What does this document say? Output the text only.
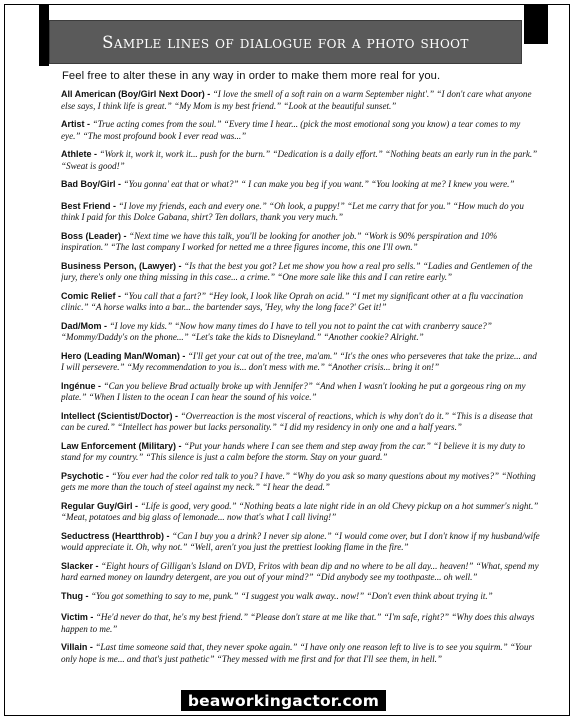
Sample lines of dialogue for a photo shoot
Feel free to alter these in any way in order to make them more real for you.
All American (Boy/Girl Next Door) - “I love the smell of a soft rain on a warm September night'.” “I don't care what anyone else says, I think life is great.” “My Mom is my best friend.” “Look at the beautiful sunset.”
Artist - “True acting comes from the soul.” “Every time I hear... (pick the most emotional song you know) a tear comes to my eye.” “The most profound book I ever read was...”
Athlete - “Work it, work it, work it... push for the burn.” “Dedication is a daily effort.” “Nothing beats an early run in the park.” “Sweat is good!”
Bad Boy/Girl - “You gonna' eat that or what?” “ I can make you beg if you want.” “You looking at me? I knew you were.”
Best Friend - “I love my friends, each and every one.” “Oh look, a puppy!” “Let me carry that for you.” “How much do you think I paid for this Dolce Gabana, shirt? Ten dollars, thank you very much.”
Boss (Leader) - “Next time we have this talk, you'll be looking for another job.” “Work is 90% perspiration and 10% inspiration.” “The last company I worked for netted me a three figures income, this one I'll own.”
Business Person, (Lawyer) - “Is that the best you got? Let me show you how a real pro sells.” “Ladies and Gentlemen of the jury, there's only one thing missing in this case... a crime.” “One more sale like this and I can retire early.”
Comic Relief - “You call that a fart?” “Hey look, I look like Oprah on acid.” “I met my significant other at a flu vaccination clinic.” “A horse walks into a bar... the bartender says, 'Hey, why the long face?' Get it!”
Dad/Mom - “I love my kids.” “Now how many times do I have to tell you not to paint the cat with cranberry sauce?” “Mommy/Daddy's on the phone...” “Let's take the kids to Disneyland.” “Another cookie? Alright.”
Hero (Leading Man/Woman) - “I'll get your cat out of the tree, ma'am.” “It's the ones who perseveres that take the prize... and I will persevere.” “My recommendation to you is... don't mess with me.” “Another crisis... bring it on!”
Ingénue - “Can you believe Brad actually broke up with Jennifer?” “And when I wasn't looking he put a gorgeous ring on my plate.” “When I listen to the ocean I can hear the sound of his voice.”
Intellect (Scientist/Doctor) - “Overreaction is the most visceral of reactions, which is why don't do it.” “This is a disease that can be cured.” “Intellect has power but lacks personality.” “I did my residency in only one and a half years.”
Law Enforcement (Military) - “Put your hands where I can see them and step away from the car.” “I believe it is my duty to stand for my country.” “This silence is just a calm before the storm. Stay on your guard.”
Psychotic - “You ever had the color red talk to you? I have.” “Why do you ask so many questions about my motives?” “Nothing gets me more than the touch of steel against my neck.” “I hear the dead.”
Regular Guy/Girl - “Life is good, very good.” “Nothing beats a late night ride in an old Chevy pickup on a hot summer's night.” “Meat, potatoes and big glass of lemonade... now that's what I call living!”
Seductress (Heartthrob) - “Can I buy you a drink? I never sip alone.” “I would come over, but I don't know if my husband/wife would appreciate it. Oh, why not.” “Well, aren't you just the prettiest looking flame in the fire.”
Slacker - “Eight hours of Gilligan's Island on DVD, Fritos with bean dip and no where to be all day... heaven!” “What, spend my hard earned money on laundry detergent, are you out of your mind?” “Did anybody see my toothpaste... oh well.”
Thug - “You got something to say to me, punk.” “I suggest you walk away.. now!” “Don't even think about trying it.”
Victim - “He'd never do that, he's my best friend.” “Please don't stare at me like that.” “I'm safe, right?” “Why does this always happen to me.”
Villain - “Last time someone said that, they never spoke again.” “I have only one reason left to live is to see you squirm.” “Your only hope is me... and that's just pathetic” “They messed with me first and for that I'll see them, in hell.”
beaworkingactor.com
